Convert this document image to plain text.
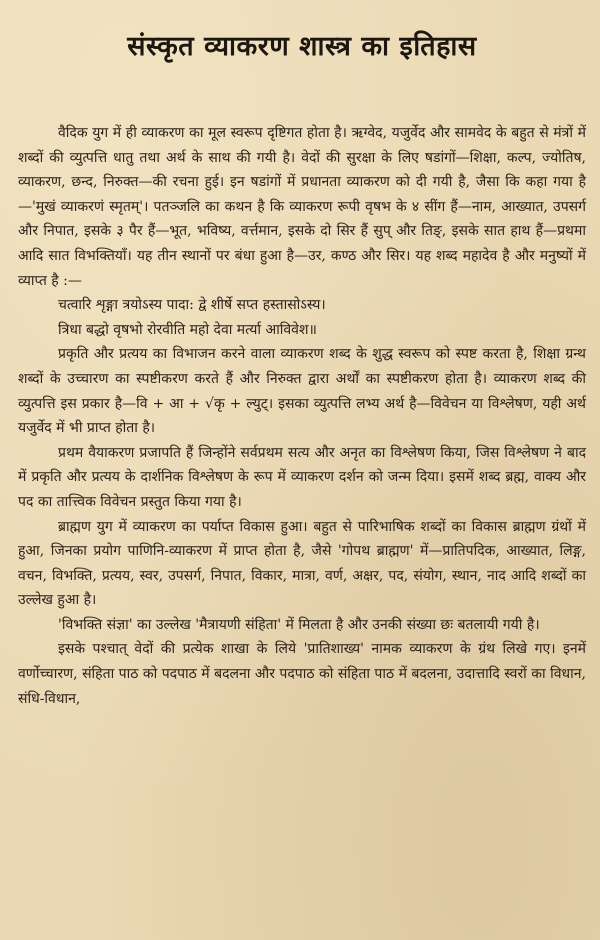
संस्कृत व्याकरण शास्त्र का इतिहास

वैदिक युग में ही व्याकरण का मूल स्वरूप दृष्टिगत होता है। ऋग्वेद, यजुर्वेद और सामवेद के बहुत से मंत्रों में शब्दों की व्युत्पत्ति धातु तथा अर्थ के साथ की गयी है। वेदों की सुरक्षा के लिए षडांगों—शिक्षा, कल्प, ज्योतिष, व्याकरण, छन्द, निरुक्त—की रचना हुई। इन षडांगों में प्रधानता व्याकरण को दी गयी है, जैसा कि कहा गया है—'मुखं व्याकरणं स्मृतम्'। पतञ्जलि का कथन है कि व्याकरण रूपी वृषभ के ४ सींग हैं—नाम, आख्यात, उपसर्ग और निपात, इसके ३ पैर हैं—भूत, भविष्य, वर्त्तमान, इसके दो सिर हैं सुप् और तिङ्, इसके सात हाथ हैं—प्रथमा आदि सात विभक्तियाँ। यह तीन स्थानों पर बंधा हुआ है—उर, कण्ठ और सिर। यह शब्द महादेव है और मनुष्यों में व्याप्त है :—

चत्वारि शृङ्गा त्रयोऽस्य पादा: द्वे शीर्षे सप्त हस्तासोऽस्य।
त्रिधा बद्धो वृषभो रोरवीति महो देवा मर्त्या आविवेश॥

प्रकृति और प्रत्यय का विभाजन करने वाला व्याकरण शब्द के शुद्ध स्वरूप को स्पष्ट करता है, शिक्षा ग्रन्थ शब्दों के उच्चारण का स्पष्टीकरण करते हैं और निरुक्त द्वारा अर्थों का स्पष्टीकरण होता है। व्याकरण शब्द की व्युत्पत्ति इस प्रकार है—वि + आ + √कृ + ल्युट्। इसका व्युत्पत्ति लभ्य अर्थ है—विवेचन या विश्लेषण, यही अर्थ यजुर्वेद में भी प्राप्त होता है।

प्रथम वैयाकरण प्रजापति हैं जिन्होंने सर्वप्रथम सत्य और अनृत का विश्लेषण किया, जिस विश्लेषण ने बाद में प्रकृति और प्रत्यय के दार्शनिक विश्लेषण के रूप में व्याकरण दर्शन को जन्म दिया। इसमें शब्द ब्रह्म, वाक्य और पद का तात्त्विक विवेचन प्रस्तुत किया गया है।

ब्राह्मण युग में व्याकरण का पर्याप्त विकास हुआ। बहुत से पारिभाषिक शब्दों का विकास ब्राह्मण ग्रंथों में हुआ, जिनका प्रयोग पाणिनि-व्याकरण में प्राप्त होता है, जैसे 'गोपथ ब्राह्मण' में—प्रातिपदिक, आख्यात, लिङ्ग, वचन, विभक्ति, प्रत्यय, स्वर, उपसर्ग, निपात, विकार, मात्रा, वर्ण, अक्षर, पद, संयोग, स्थान, नाद आदि शब्दों का उल्लेख हुआ है।

'विभक्ति संज्ञा' का उल्लेख 'मैत्रायणी संहिता' में मिलता है और उनकी संख्या छः बतलायी गयी है।

इसके पश्चात् वेदों की प्रत्येक शाखा के लिये 'प्रातिशाख्य' नामक व्याकरण के ग्रंथ लिखे गए। इनमें वर्णोच्चारण, संहिता पाठ को पदपाठ में बदलना और पदपाठ को संहिता पाठ में बदलना, उदात्तादि स्वरों का विधान, संधि-विधान,
